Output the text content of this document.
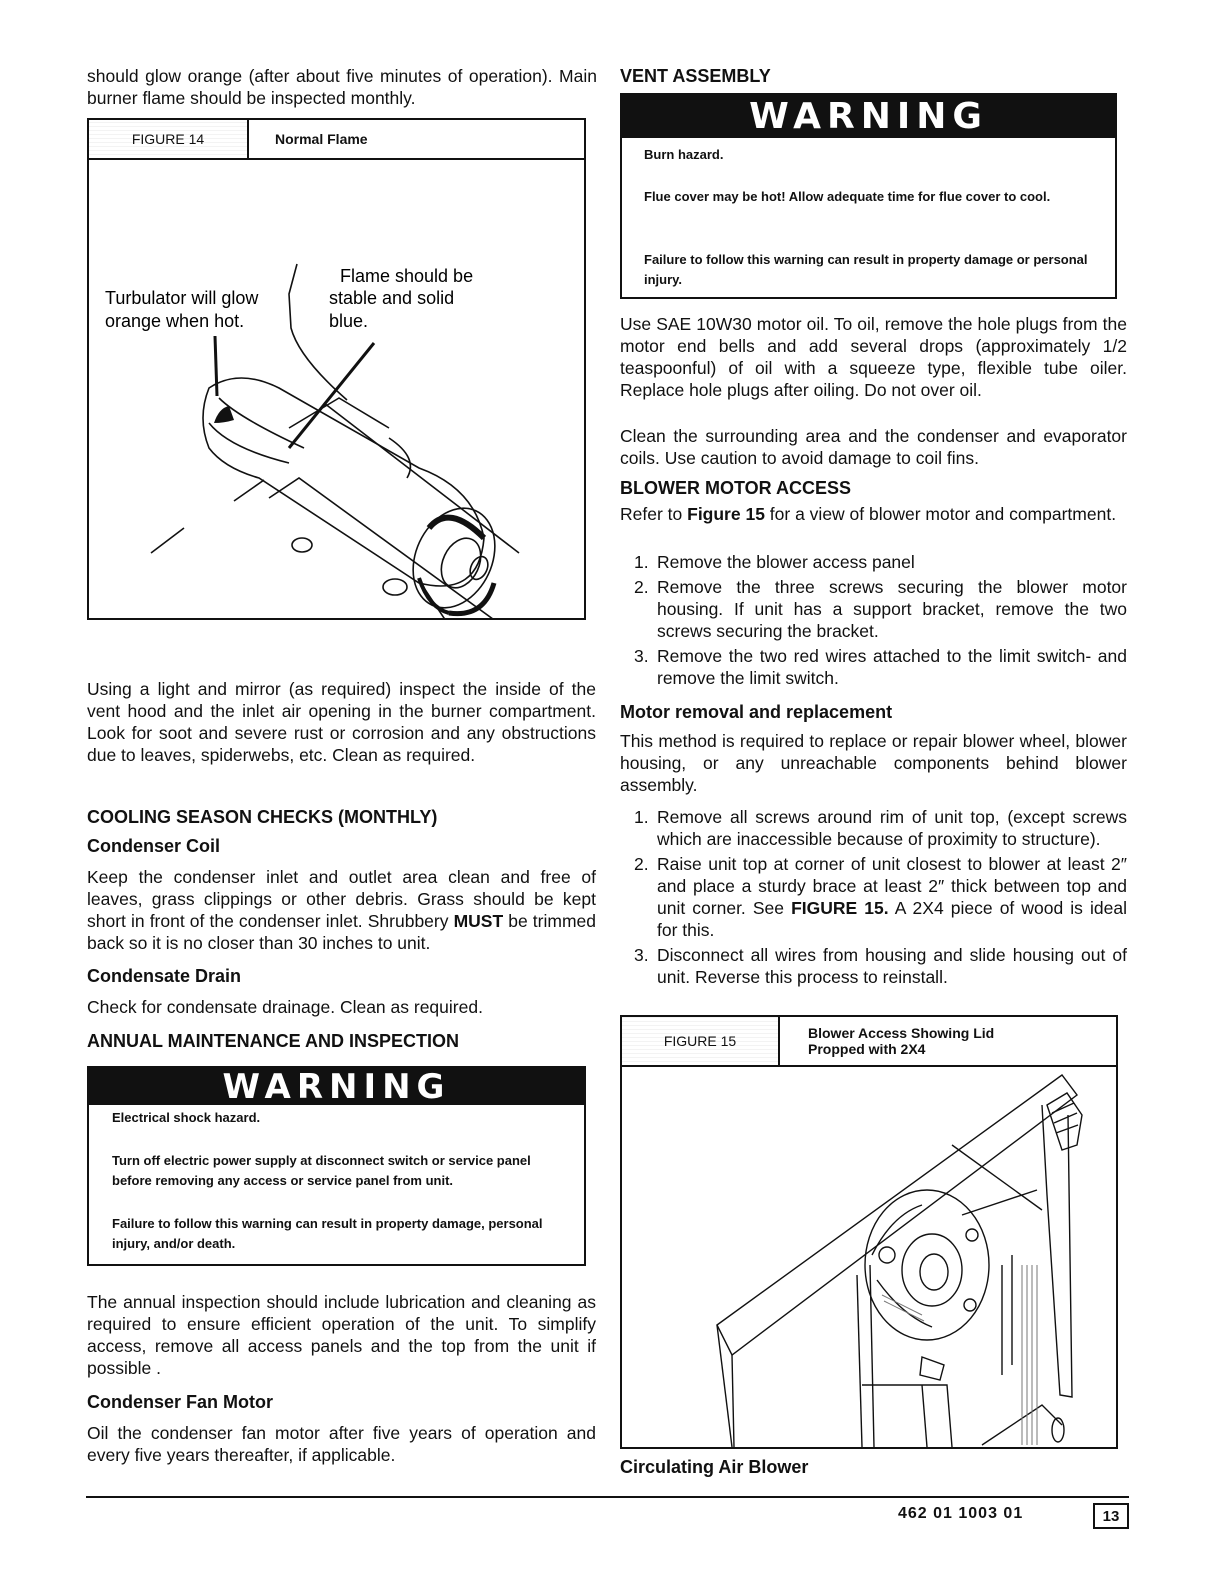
should glow orange (after about five minutes of operation). Main burner flame should be inspected monthly.

FIGURE 14	Normal Flame
Turbulator will glow
orange when hot.
Flame should be
stable and solid
blue.

Using a light and mirror (as required) inspect the inside of the vent hood and the inlet air opening in the burner compartment. Look for soot and severe rust or corrosion and any obstructions due to leaves, spiderwebs, etc. Clean as required.

COOLING SEASON CHECKS (MONTHLY)
Condenser Coil

Keep the condenser inlet and outlet area clean and free of leaves, grass clippings or other debris. Grass should be kept short in front of the condenser inlet. Shrubbery MUST be trimmed back so it is no closer than 30 inches to unit.

Condensate Drain

Check for condensate drainage. Clean as required.

ANNUAL MAINTENANCE AND INSPECTION
WARNING

Electrical shock hazard.

Turn off electric power supply at disconnect switch or service panel before removing any access or service panel from unit.

Failure to follow this warning can result in property damage, personal injury, and/or death.

The annual inspection should include lubrication and cleaning as required to ensure efficient operation of the unit. To simplify access, remove all access panels and the top from the unit if possible .

Condenser Fan Motor

Oil the condenser fan motor after five years of operation and every five years thereafter, if applicable.

VENT ASSEMBLY
WARNING

Burn hazard.

Flue cover may be hot! Allow adequate time for flue cover to cool.

Failure to follow this warning can result in property damage or personal injury.

Use SAE 10W30 motor oil. To oil, remove the hole plugs from the motor end bells and add several drops (approximately 1/2 teaspoonful) of oil with a squeeze type, flexible tube oiler. Replace hole plugs after oiling. Do not over oil.

Clean the surrounding area and the condenser and evaporator coils. Use caution to avoid damage to coil fins.

BLOWER MOTOR ACCESS

Refer to Figure 15 for a view of blower motor and compartment.

1. Remove the blower access panel
2. Remove the three screws securing the blower motor housing. If unit has a support bracket, remove the two screws securing the bracket.
3. Remove the two red wires attached to the limit switch- and remove the limit switch.
Motor removal and replacement

This method is required to replace or repair blower wheel, blower housing, or any unreachable components behind blower assembly.

1. Remove all screws around rim of unit top, (except screws which are inaccessible because of proximity to structure).
2. Raise unit top at corner of unit closest to blower at least 2″ and place a sturdy brace at least 2″ thick between top and unit corner. See FIGURE 15. A 2X4 piece of wood is ideal for this.
3. Disconnect all wires from housing and slide housing out of unit. Reverse this process to reinstall.
FIGURE 15	Blower Access Showing Lid
Propped with 2X4
Circulating Air Blower
462 01 1003 01	13
